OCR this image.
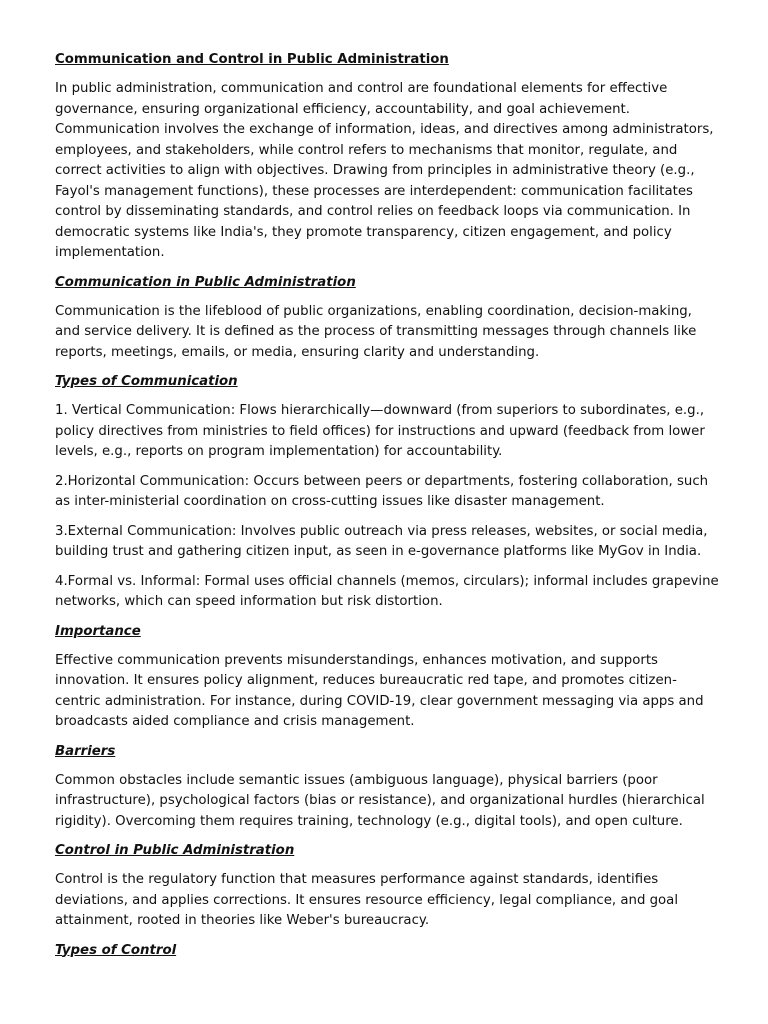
Communication and Control in Public Administration

In public administration, communication and control are foundational elements for effective governance, ensuring organizational efficiency, accountability, and goal achievement. Communication involves the exchange of information, ideas, and directives among administrators, employees, and stakeholders, while control refers to mechanisms that monitor, regulate, and correct activities to align with objectives. Drawing from principles in administrative theory (e.g., Fayol's management functions), these processes are interdependent: communication facilitates control by disseminating standards, and control relies on feedback loops via communication. In democratic systems like India's, they promote transparency, citizen engagement, and policy implementation.

Communication in Public Administration

Communication is the lifeblood of public organizations, enabling coordination, decision-making, and service delivery. It is defined as the process of transmitting messages through channels like reports, meetings, emails, or media, ensuring clarity and understanding.

Types of Communication

1. Vertical Communication: Flows hierarchically—downward (from superiors to subordinates, e.g., policy directives from ministries to field offices) for instructions and upward (feedback from lower levels, e.g., reports on program implementation) for accountability.

2.Horizontal Communication: Occurs between peers or departments, fostering collaboration, such as inter-ministerial coordination on cross-cutting issues like disaster management.

3.External Communication: Involves public outreach via press releases, websites, or social media, building trust and gathering citizen input, as seen in e-governance platforms like MyGov in India.

4.Formal vs. Informal: Formal uses official channels (memos, circulars); informal includes grapevine networks, which can speed information but risk distortion.

Importance

Effective communication prevents misunderstandings, enhances motivation, and supports innovation. It ensures policy alignment, reduces bureaucratic red tape, and promotes citizen-centric administration. For instance, during COVID-19, clear government messaging via apps and broadcasts aided compliance and crisis management.

Barriers

Common obstacles include semantic issues (ambiguous language), physical barriers (poor infrastructure), psychological factors (bias or resistance), and organizational hurdles (hierarchical rigidity). Overcoming them requires training, technology (e.g., digital tools), and open culture.

Control in Public Administration

Control is the regulatory function that measures performance against standards, identifies deviations, and applies corrections. It ensures resource efficiency, legal compliance, and goal attainment, rooted in theories like Weber's bureaucracy.

Types of Control
